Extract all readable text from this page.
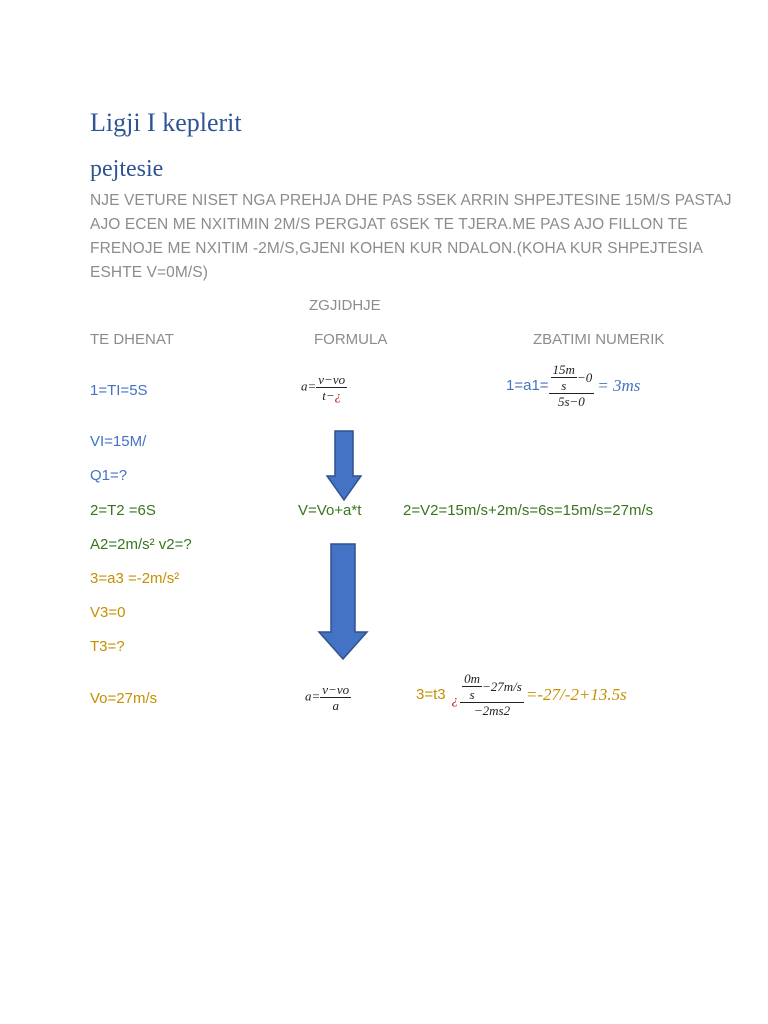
Ligji I keplerit
pejtesie
NJE VETURE NISET NGA PREHJA DHE PAS 5SEK ARRIN SHPEJTESINE 15M/S PASTAJ
AJO ECEN ME NXITIMIN 2M/S PERGJAT 6SEK TE TJERA.ME PAS AJO FILLON TE
FRENOJE ME NXITIM -2M/S,GJENI KOHEN KUR NDALON.(KOHA KUR SHPEJTESIA
ESHTE V=0M/S)
ZGJIDHJE
TE DHENAT	FORMULA	ZBATIMI NUMERIK
1=TI=5S
VI=15M/
Q1=?
2=T2 =6S
A2=2m/s² v2=?
3=a3 =-2m/s²
V3=0
T3=?
Vo=27m/s
$a= \frac{v-vo}{t-¿}$
V=Vo+a*t
$a= \frac{v-vo}{a}$
$1=a1= \frac{\frac{15m}{s} -0}{5s-0} = 3ms$
2=V2=15m/s+2m/s=6s=15m/s=27m/s
3=t3 ¿ $\frac{\frac{0m}{s} -27m/s}{-2ms2} =-27/-2+13.5s$
